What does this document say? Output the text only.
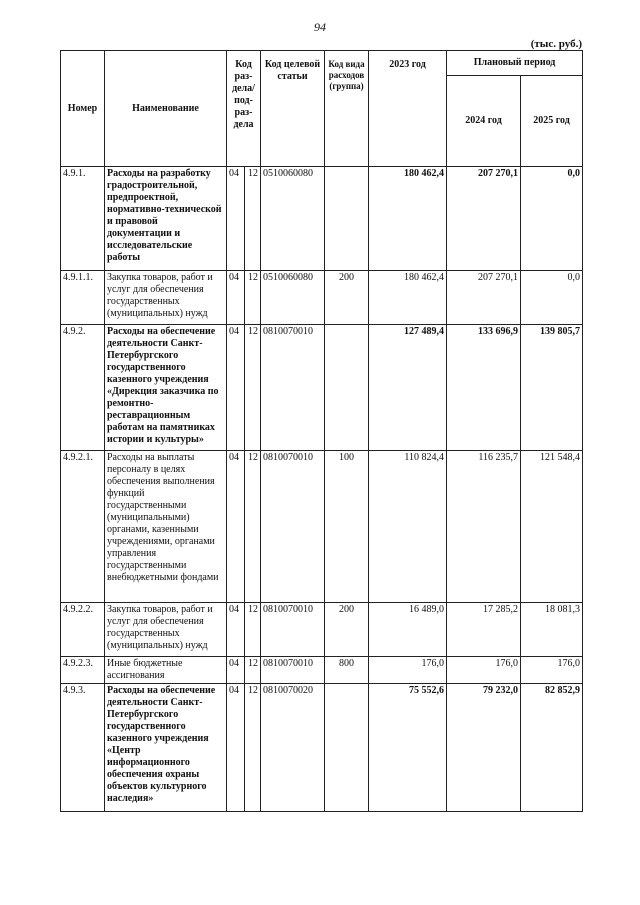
94
(тыс. руб.)
Номер	Наименование	Код раз-дела/ под-раз-дела		Код целевой статьи	Код вида расходов (группа)	2023 год	Плановый период	
							2024 год	2025 год
4.9.1.	Расходы на разработку градостроительной, предпроектной, нормативно-технической и правовой документации и исследовательские работы	04	12	0510060080		180 462,4	207 270,1	0,0
4.9.1.1.	Закупка товаров, работ и услуг для обеспечения государственных (муниципальных) нужд	04	12	0510060080	200	180 462,4	207 270,1	0,0
4.9.2.	Расходы на обеспечение деятельности Санкт-Петербургского государственного казенного учреждения «Дирекция заказчика по ремонтно-реставрационным работам на памятниках истории и культуры»	04	12	0810070010		127 489,4	133 696,9	139 805,7
4.9.2.1.	Расходы на выплаты персоналу в целях обеспечения выполнения функций государственными (муниципальными) органами, казенными учреждениями, органами управления государственными внебюджетными фондами	04	12	0810070010	100	110 824,4	116 235,7	121 548,4
4.9.2.2.	Закупка товаров, работ и услуг для обеспечения государственных (муниципальных) нужд	04	12	0810070010	200	16 489,0	17 285,2	18 081,3
4.9.2.3.	Иные бюджетные ассигнования	04	12	0810070010	800	176,0	176,0	176,0
4.9.3.	Расходы на обеспечение деятельности Санкт-Петербургского государственного казенного учреждения «Центр информационного обеспечения охраны объектов культурного наследия»	04	12	0810070020		75 552,6	79 232,0	82 852,9
